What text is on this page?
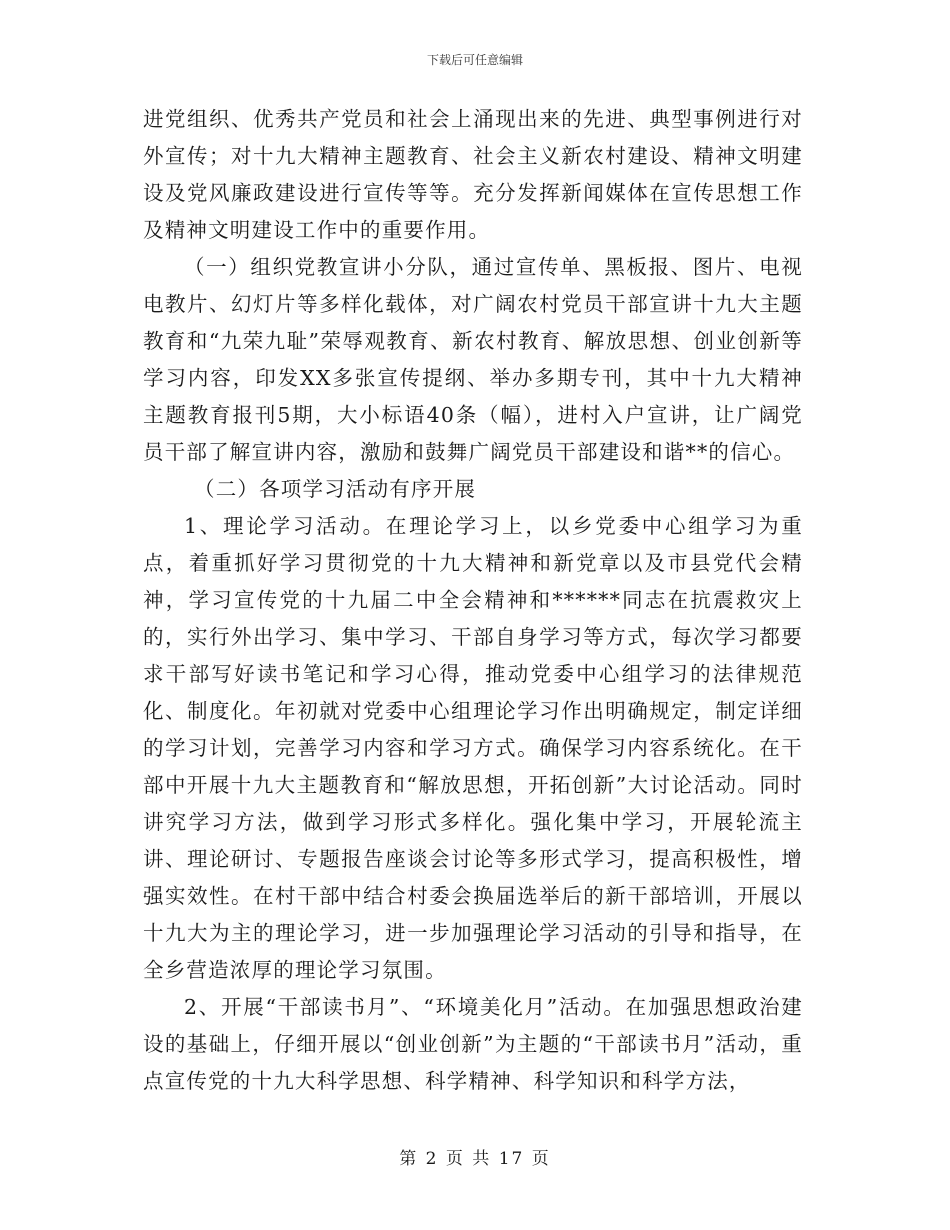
下载后可任意编辑

进党组织、优秀共产党员和社会上涌现出来的先进、典型事例进行对外宣传；对十九大精神主题教育、社会主义新农村建设、精神文明建设及党风廉政建设进行宣传等等。充分发挥新闻媒体在宣传思想工作及精神文明建设工作中的重要作用。

（一）组织党教宣讲小分队，通过宣传单、黑板报、图片、电视电教片、幻灯片等多样化载体，对广阔农村党员干部宣讲十九大主题教育和“九荣九耻”荣辱观教育、新农村教育、解放思想、创业创新等学习内容，印发XX多张宣传提纲、举办多期专刊，其中十九大精神主题教育报刊5期，大小标语40条（幅），进村入户宣讲，让广阔党员干部了解宣讲内容，激励和鼓舞广阔党员干部建设和谐**的信心。

（二）各项学习活动有序开展

1、理论学习活动。在理论学习上，以乡党委中心组学习为重点，着重抓好学习贯彻党的十九大精神和新党章以及市县党代会精神，学习宣传党的十九届二中全会精神和******同志在抗震救灾上的，实行外出学习、集中学习、干部自身学习等方式，每次学习都要求干部写好读书笔记和学习心得，推动党委中心组学习的法律规范化、制度化。年初就对党委中心组理论学习作出明确规定，制定详细的学习计划，完善学习内容和学习方式。确保学习内容系统化。在干部中开展十九大主题教育和“解放思想，开拓创新”大讨论活动。同时讲究学习方法，做到学习形式多样化。强化集中学习，开展轮流主讲、理论研讨、专题报告座谈会讨论等多形式学习，提高积极性，增强实效性。在村干部中结合村委会换届选举后的新干部培训，开展以十九大为主的理论学习，进一步加强理论学习活动的引导和指导，在全乡营造浓厚的理论学习氛围。

2、开展“干部读书月”、“环境美化月”活动。在加强思想政治建设的基础上，仔细开展以“创业创新”为主题的“干部读书月”活动，重点宣传党的十九大科学思想、科学精神、科学知识和科学方法，

第 2 页 共 17 页
